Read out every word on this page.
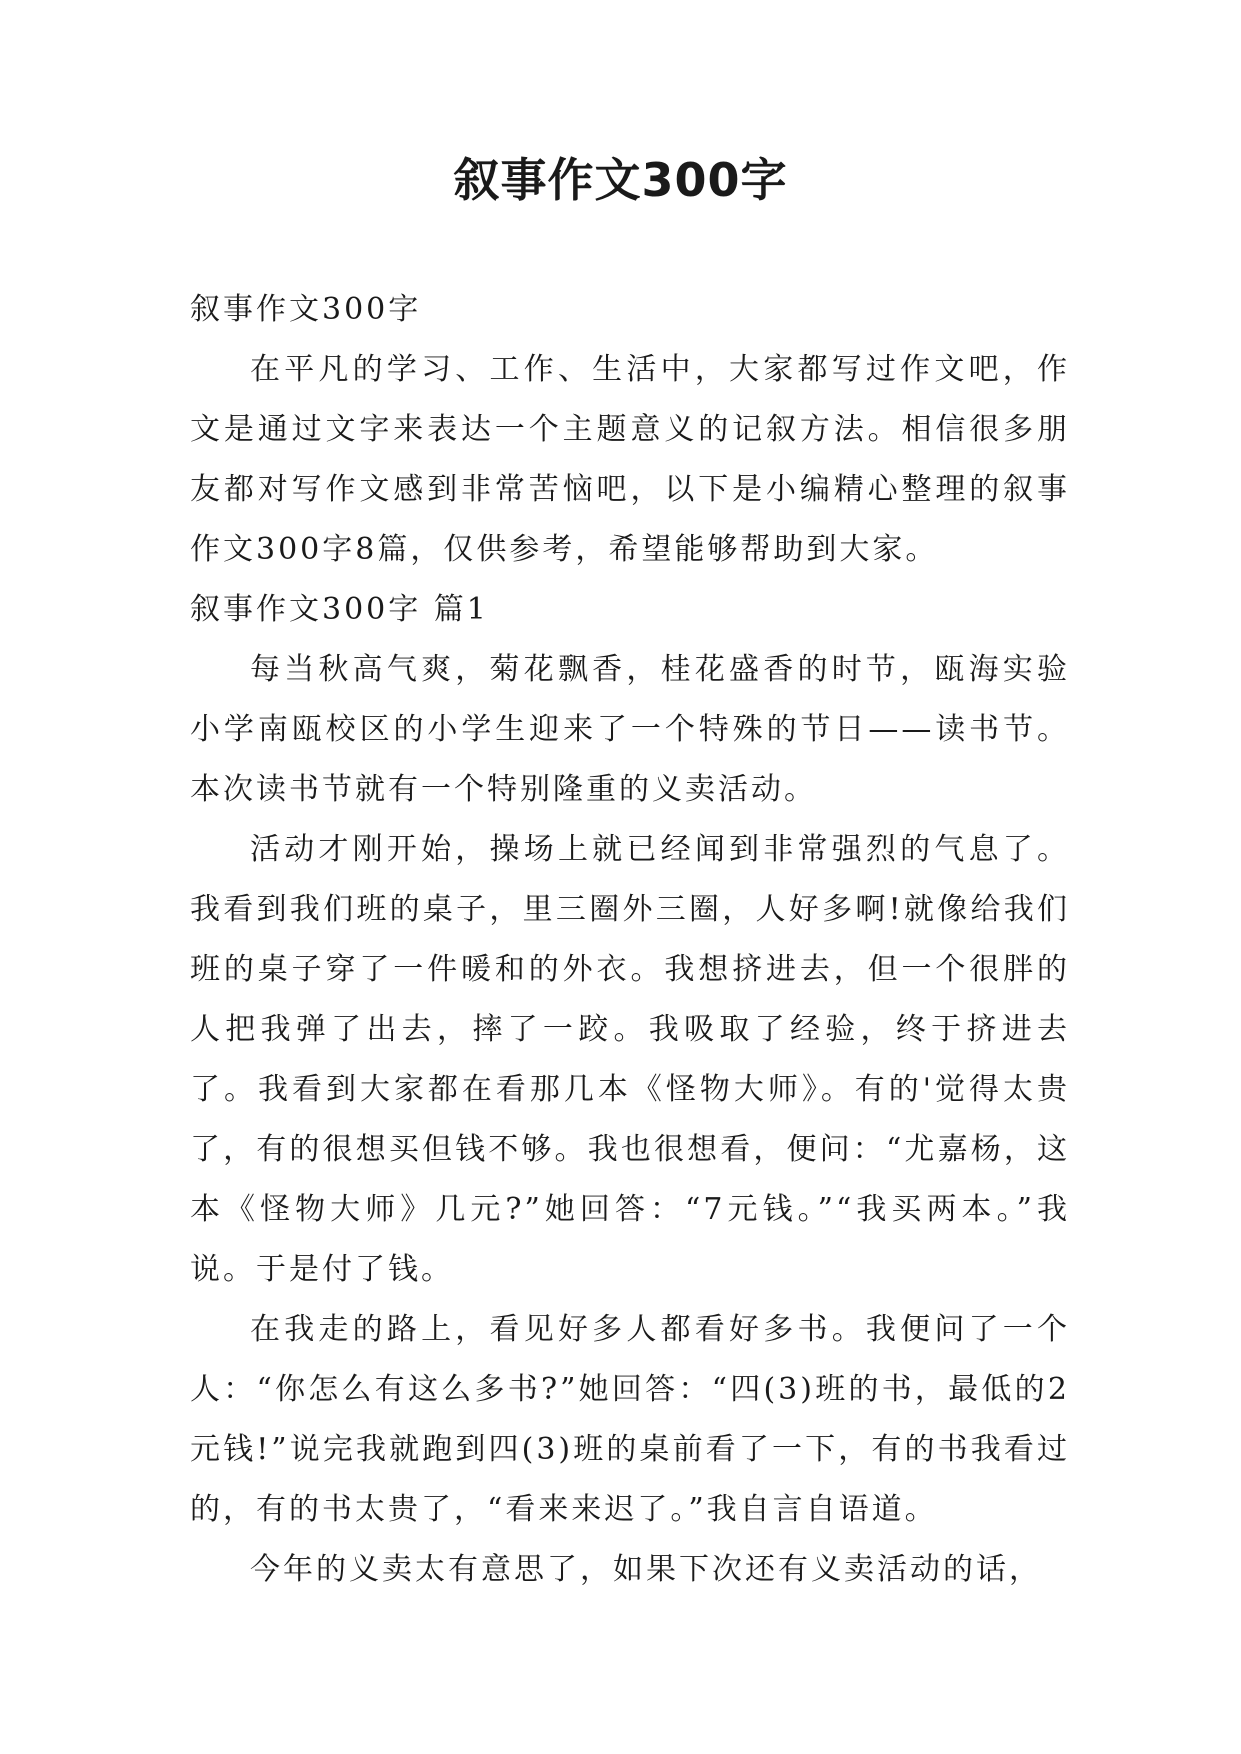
叙事作文300字

叙事作文300字

在平凡的学习、工作、生活中，大家都写过作文吧，作文是通过文字来表达一个主题意义的记叙方法。相信很多朋友都对写作文感到非常苦恼吧，以下是小编精心整理的叙事作文300字8篇，仅供参考，希望能够帮助到大家。

叙事作文300字 篇1

每当秋高气爽，菊花飘香，桂花盛香的时节，瓯海实验小学南瓯校区的小学生迎来了一个特殊的节日——读书节。本次读书节就有一个特别隆重的义卖活动。

活动才刚开始，操场上就已经闻到非常强烈的气息了。我看到我们班的桌子，里三圈外三圈，人好多啊!就像给我们班的桌子穿了一件暖和的外衣。我想挤进去，但一个很胖的人把我弹了出去，摔了一跤。我吸取了经验，终于挤进去了。我看到大家都在看那几本《怪物大师》。有的'觉得太贵了，有的很想买但钱不够。我也很想看，便问：“尤嘉杨，这本《怪物大师》几元?”她回答：“7元钱。”“我买两本。”我说。于是付了钱。

在我走的路上，看见好多人都看好多书。我便问了一个人：“你怎么有这么多书?”她回答：“四(3)班的书，最低的2元钱!”说完我就跑到四(3)班的桌前看了一下，有的书我看过的，有的书太贵了，“看来来迟了。”我自言自语道。

今年的义卖太有意思了，如果下次还有义卖活动的话，
